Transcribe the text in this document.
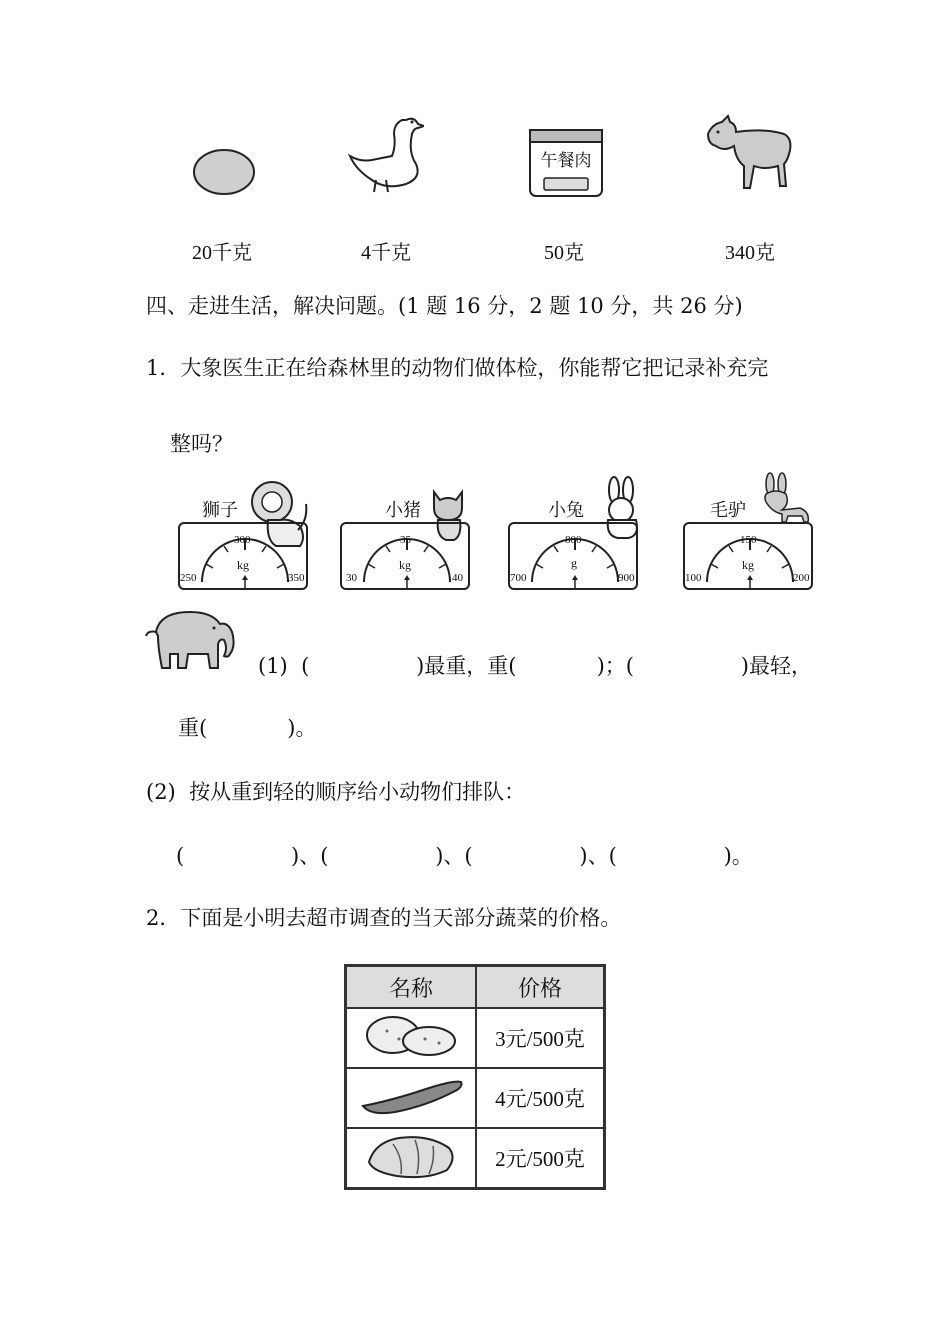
午餐肉
20千克	4千克	50克	340克
四、走进生活，解决问题。(1 题 16 分，2 题 10 分，共 26 分)
1．大象医生正在给森林里的动物们做体检，你能帮它把记录补充完
整吗？
狮子
300
250	350
kg
小猪
35
30	40
kg
小兔
800
700	900
g
毛驴
150
100	200
kg
(1)  (                )最重，重(            )；(                )最轻，
重(            )。
(2)  按从重到轻的顺序给小动物们排队：
(                )、(                )、(                )、(                )。
2．下面是小明去超市调查的当天部分蔬菜的价格。
名称	价格
	3元/500克
	4元/500克
	2元/500克
